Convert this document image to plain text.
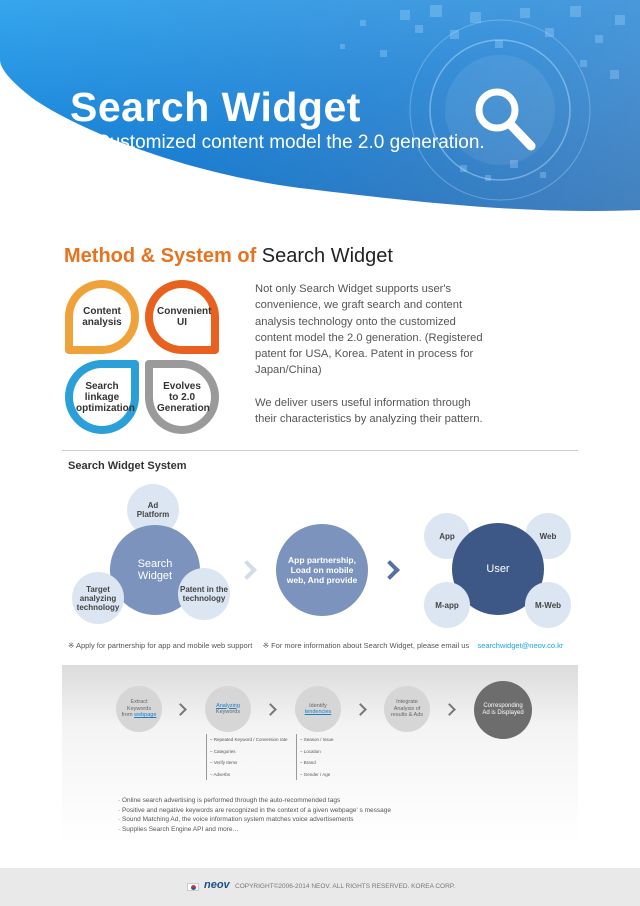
Search Widget
Customized content model the 2.0 generation.
Method & System of Search Widget
Content analysis
Convenient UI
Search linkage optimization
Evolves to 2.0 Generation

Not only Search Widget supports user's convenience, we graft search and content analysis technology onto the customized content model the 2.0 generation. (Registered patent for USA, Korea. Patent in process for Japan/China)

We deliver users useful information through their characteristics by analyzing their pattern.

Search Widget System
Ad Platform
Search Widget
Target analyzing technology
Patent in the technology
App partnership, Load on mobile web, And provide
App	Web
User
M-app	M-Web
※ Apply for partnership for app and mobile web support ※ For more information about Search Widget, please email us searchwidget@neov.co.kr
Extract Keywords from webpage
Analyzing Keywords
Identify tendencies
Integrate Analysis of results & Ads
Corresponding Ad is Displayed
– Repeated Keyword / Conversion rate
– Categories
– Verify Items
– Adverbs
– Season / Issue
– Location
– Brand
– Gender / Age
· Online search advertising is performed through the auto-recommended tags
· Positive and negative keywords are recognized in the context of a given webpage' s message
· Sound Matching Ad, the voice information system matches voice advertisements
· Supplies Search Engine API and more…
neov COPYRIGHT©2006-2014 NEOV. ALL RIGHTS RESERVED. KOREA CORP.
